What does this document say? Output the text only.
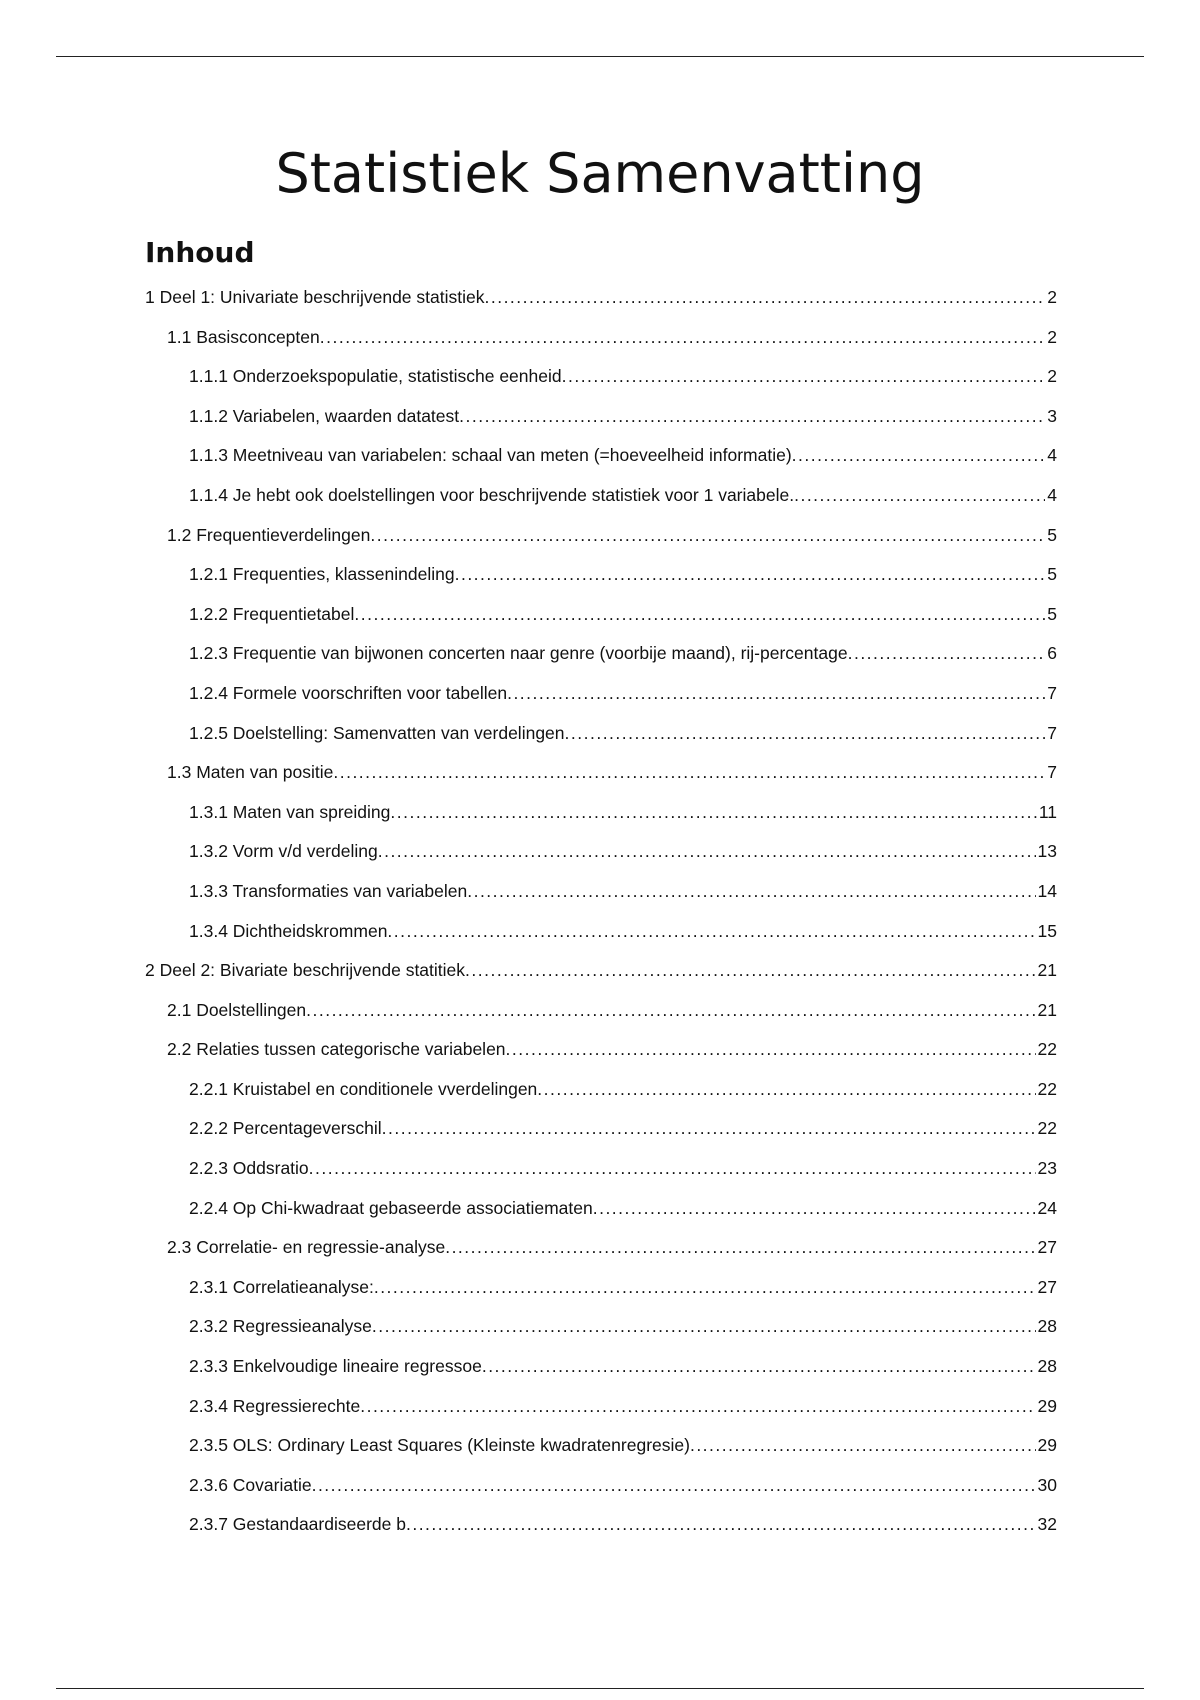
Statistiek Samenvatting
Inhoud
1 Deel 1: Univariate beschrijvende statistiek .....	2
1.1 Basisconcepten .....	2
1.1.1 Onderzoekspopulatie, statistische eenheid .....	2
1.1.2 Variabelen, waarden datatest .....	3
1.1.3 Meetniveau van variabelen: schaal van meten (=hoeveelheid informatie) .....	4
1.1.4 Je hebt ook doelstellingen voor beschrijvende statistiek voor 1 variabele. .....	4
1.2 Frequentieverdelingen .....	5
1.2.1 Frequenties, klassenindeling .....	5
1.2.2 Frequentietabel .....	5
1.2.3 Frequentie van bijwonen concerten naar genre (voorbije maand), rij-percentage .....	6
1.2.4 Formele voorschriften voor tabellen .....	7
1.2.5 Doelstelling: Samenvatten van verdelingen .....	7
1.3 Maten van positie .....	7
1.3.1 Maten van spreiding .....	11
1.3.2 Vorm v/d verdeling .....	13
1.3.3 Transformaties van variabelen .....	14
1.3.4 Dichtheidskrommen .....	15
2 Deel 2: Bivariate beschrijvende statitiek .....	21
2.1 Doelstellingen .....	21
2.2 Relaties tussen categorische variabelen .....	22
2.2.1 Kruistabel en conditionele vverdelingen .....	22
2.2.2 Percentageverschil .....	22
2.2.3 Oddsratio .....	23
2.2.4 Op Chi-kwadraat gebaseerde associatiematen .....	24
2.3 Correlatie- en regressie-analyse .....	27
2.3.1 Correlatieanalyse: .....	27
2.3.2 Regressieanalyse .....	28
2.3.3 Enkelvoudige lineaire regressoe .....	28
2.3.4 Regressierechte .....	29
2.3.5 OLS: Ordinary Least Squares (Kleinste kwadratenregresie) .....	29
2.3.6 Covariatie .....	30
2.3.7 Gestandaardiseerde b .....	32
